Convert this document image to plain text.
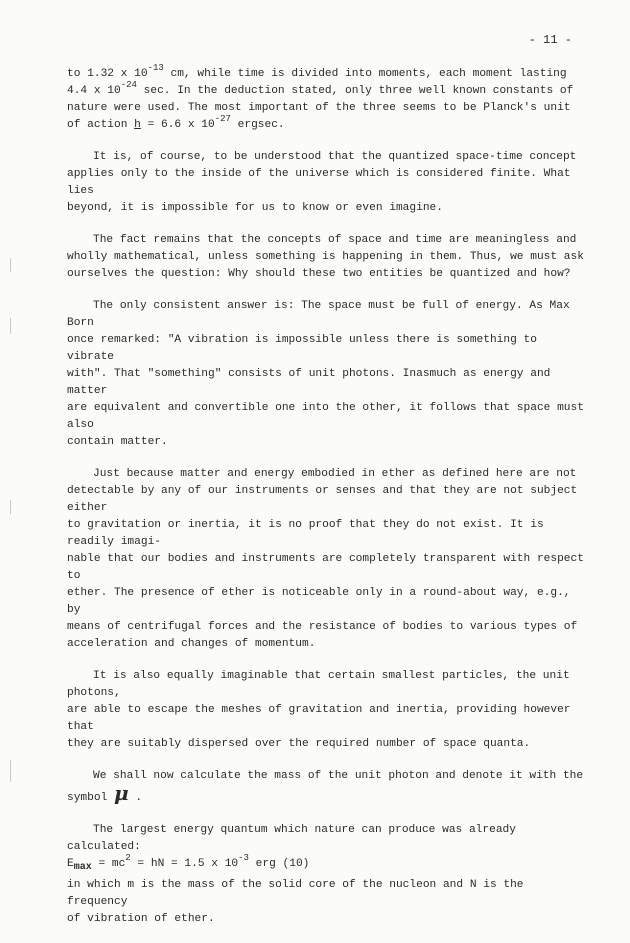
- 11 -

to 1.32 x $10^{-13}$ cm, while time is divided into moments, each moment lasting
4.4 x $10^{-24}$ sec. In the deduction stated, only three well known constants of
nature were used. The most important of the three seems to be Planck's unit
of action h = 6.6 x $10^{-27}$ ergsec.

It is, of course, to be understood that the quantized space-time concept
applies only to the inside of the universe which is considered finite. What lies
beyond, it is impossible for us to know or even imagine.

The fact remains that the concepts of space and time are meaningless and
wholly mathematical, unless something is happening in them. Thus, we must ask
ourselves the question: Why should these two entities be quantized and how?

The only consistent answer is: The space must be full of energy. As Max Born
once remarked: "A vibration is impossible unless there is something to vibrate
with". That "something" consists of unit photons. Inasmuch as energy and matter
are equivalent and convertible one into the other, it follows that space must also
contain matter.

Just because matter and energy embodied in ether as defined here are not
detectable by any of our instruments or senses and that they are not subject either
to gravitation or inertia, it is no proof that they do not exist. It is readily imagi-
nable that our bodies and instruments are completely transparent with respect to
ether. The presence of ether is noticeable only in a round-about way, e.g., by
means of centrifugal forces and the resistance of bodies to various types of
acceleration and changes of momentum.

It is also equally imaginable that certain smallest particles, the unit photons,
are able to escape the meshes of gravitation and inertia, providing however that
they are suitably dispersed over the required number of space quanta.

We shall now calculate the mass of the unit photon and denote it with the
symbol μ .

The largest energy quantum which nature can produce was already calculated:
$E_{max} = mc^2$ = hN = 1.5 x $10^{-3}$ erg (10)

in which m is the mass of the solid core of the nucleon and N is the frequency
of vibration of ether.
